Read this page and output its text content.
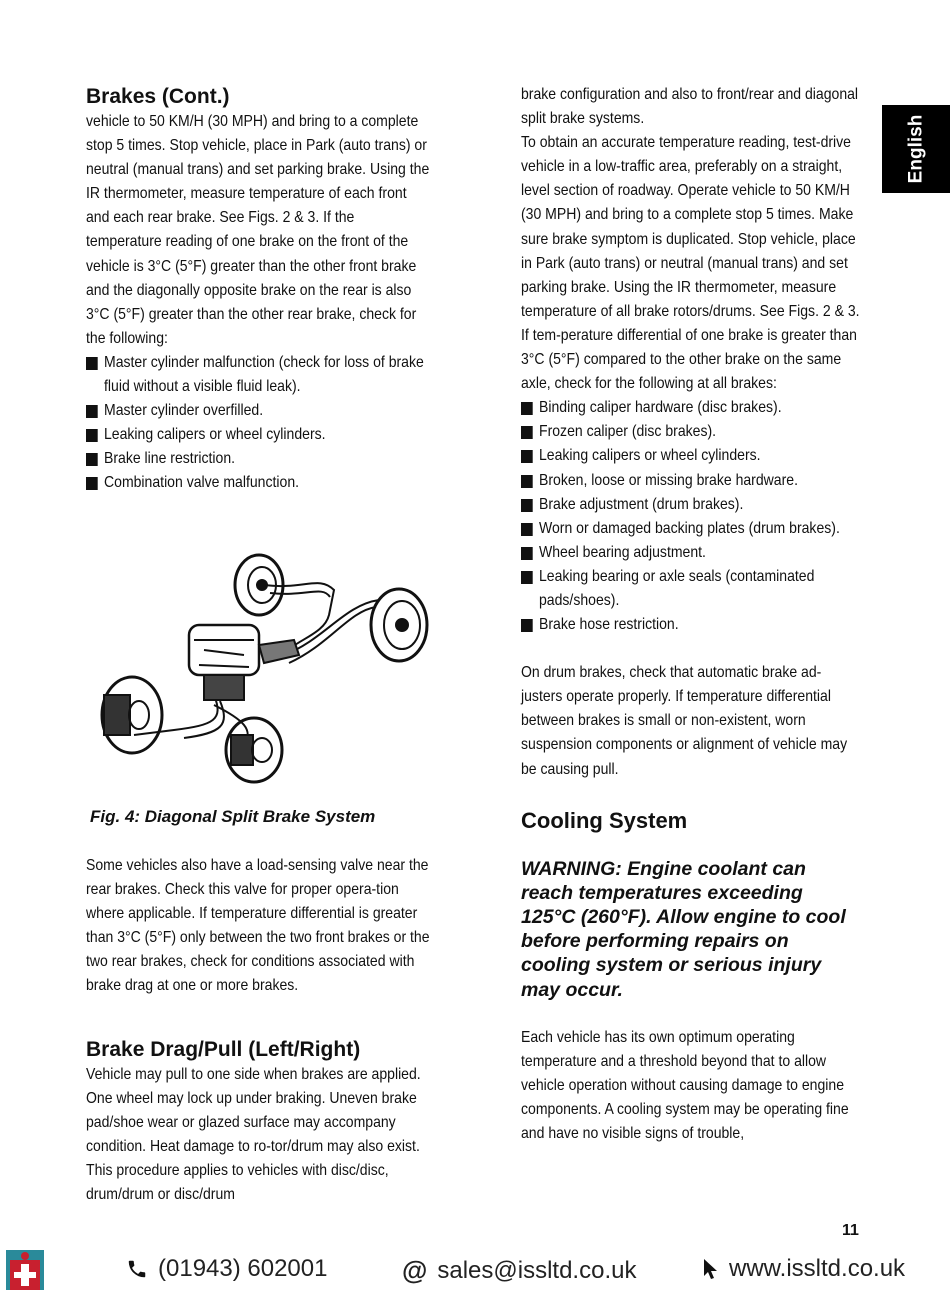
Brakes (Cont.)

vehicle to 50 KM/H (30 MPH) and bring to a complete stop 5 times. Stop vehicle, place in Park (auto trans) or neutral (manual trans) and set parking brake. Using the IR thermometer, measure temperature of each front and each rear brake. See Figs. 2 & 3. If the temperature reading of one brake on the front of the vehicle is 3°C (5°F) greater than the other front brake and the diagonally opposite brake on the rear is also 3°C (5°F) greater than the other rear brake, check for the following:

Master cylinder malfunction (check for loss of brake fluid without a visible fluid leak).
Master cylinder overfilled.
Leaking calipers or wheel cylinders.
Brake line restriction.
Combination valve malfunction.
Fig. 4: Diagonal Split Brake System

Some vehicles also have a load-sensing valve near the rear brakes. Check this valve for proper opera-tion where applicable. If temperature differential is greater than 3°C (5°F) only between the two front brakes or the two rear brakes, check for conditions associated with brake drag at one or more brakes.

Brake Drag/Pull (Left/Right)

Vehicle may pull to one side when brakes are applied. One wheel may lock up under braking. Uneven brake pad/shoe wear or glazed surface may accompany condition. Heat damage to ro-tor/drum may also exist. This procedure applies to vehicles with disc/disc, drum/drum or disc/drum

brake configuration and also to front/rear and diagonal split brake systems.

To obtain an accurate temperature reading, test-drive vehicle in a low-traffic area, preferably on a straight, level section of roadway. Operate vehicle to 50 KM/H (30 MPH) and bring to a complete stop 5 times. Make sure brake symptom is duplicated. Stop vehicle, place in Park (auto trans) or neutral (manual trans) and set parking brake. Using the IR thermometer, measure temperature of all brake rotors/drums. See Figs. 2 & 3. If tem-perature differential of one brake is greater than 3°C (5°F) compared to the other brake on the same axle, check for the following at all brakes:

Binding caliper hardware (disc brakes).
Frozen caliper (disc brakes).
Leaking calipers or wheel cylinders.
Broken, loose or missing brake hardware.
Brake adjustment (drum brakes).
Worn or damaged backing plates (drum brakes).
Wheel bearing adjustment.
Leaking bearing or axle seals (contaminated pads/shoes).
Brake hose restriction.

On drum brakes, check that automatic brake ad-justers operate properly. If temperature differential between brakes is small or non-existent, worn suspension components or alignment of vehicle may be causing pull.

Cooling System

WARNING: Engine coolant can reach temperatures exceeding 125°C (260°F). Allow engine to cool before performing repairs on cooling system or serious injury may occur.

Each vehicle has its own optimum operating temperature and a threshold beyond that to allow vehicle operation without causing damage to engine components. A cooling system may be operating fine and have no visible signs of trouble,

English
11
(01943) 602001	@ sales@issltd.co.uk	www.issltd.co.uk
